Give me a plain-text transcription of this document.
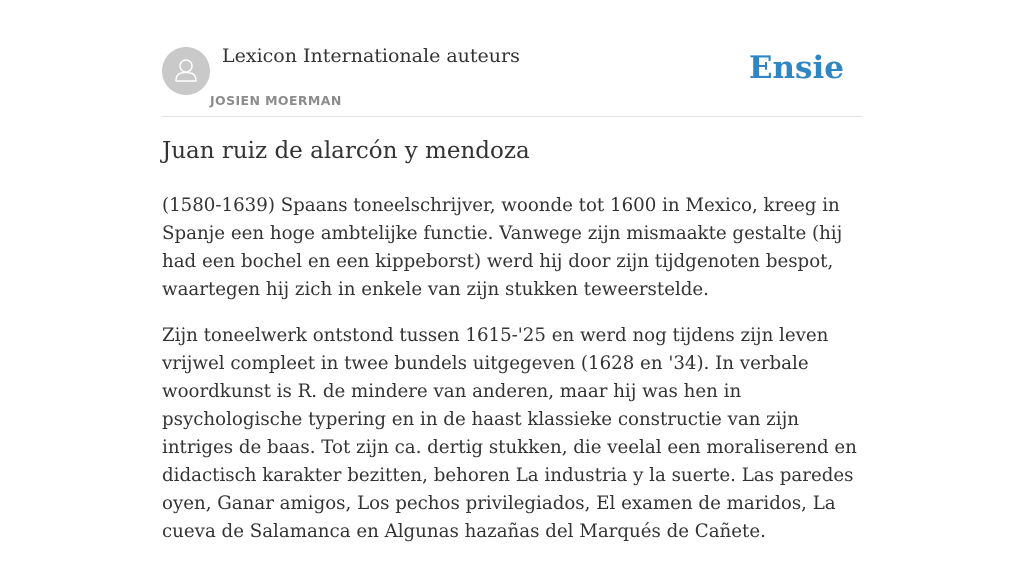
Lexicon Internationale auteurs
JOSIEN MOERMAN
Ensie
Juan ruiz de alarcón y mendoza

(1580-1639) Spaans toneelschrijver, woonde tot 1600 in Mexico, kreeg in Spanje een hoge ambtelijke functie. Vanwege zijn mismaakte gestalte (hij had een bochel en een kippeborst) werd hij door zijn tijdgenoten bespot, waartegen hij zich in enkele van zijn stukken teweerstelde.

Zijn toneelwerk ontstond tussen 1615-'25 en werd nog tijdens zijn leven vrijwel compleet in twee bundels uitgegeven (1628 en '34). In verbale woordkunst is R. de mindere van anderen, maar hij was hen in psychologische typering en in de haast klassieke constructie van zijn intriges de baas. Tot zijn ca. dertig stukken, die veelal een moraliserend en didactisch karakter bezitten, behoren La industria y la suerte. Las paredes oyen, Ganar amigos, Los pechos privilegiados, El examen de maridos, La cueva de Salamanca en Algunas hazañas del Marqués de Cañete.
